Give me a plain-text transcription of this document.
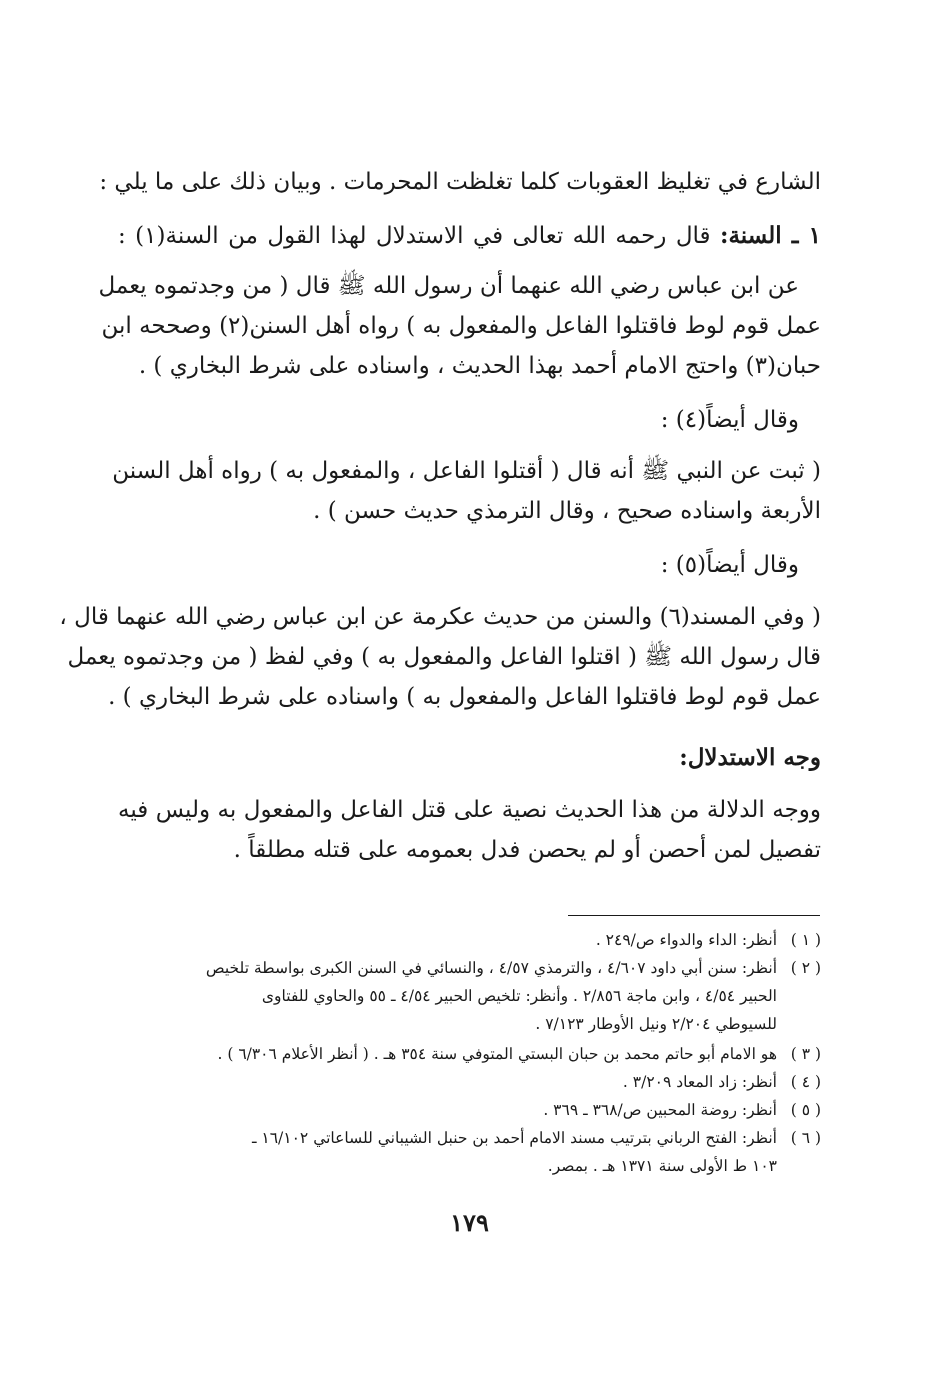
الشارع في تغليظ العقوبات كلما تغلظت المحرمات . وبيان ذلك على ما يلي :
١ ـ السنة: قال رحمه الله تعالى في الاستدلال لهذا القول من السنة(١) :
عن ابن عباس رضي الله عنهما أن رسول الله ﷺ قال ( من وجدتموه يعمل
عمل قوم لوط فاقتلوا الفاعل والمفعول به ) رواه أهل السنن(٢) وصححه ابن
حبان(٣) واحتج الامام أحمد بهذا الحديث ، واسناده على شرط البخاري ) .
وقال أيضاً(٤) :
( ثبت عن النبي ﷺ أنه قال ( أقتلوا الفاعل ، والمفعول به ) رواه أهل السنن
الأربعة واسناده صحيح ، وقال الترمذي حديث حسن ) .
وقال أيضاً(٥) :
( وفي المسند(٦) والسنن من حديث عكرمة عن ابن عباس رضي الله عنهما قال ،
قال رسول الله ﷺ ( اقتلوا الفاعل والمفعول به ) وفي لفظ ( من وجدتموه يعمل
عمل قوم لوط فاقتلوا الفاعل والمفعول به ) واسناده على شرط البخاري ) .
وجه الاستدلال:
ووجه الدلالة من هذا الحديث نصية على قتل الفاعل والمفعول به وليس فيه
تفصيل لمن أحصن أو لم يحصن فدل بعمومه على قتله مطلقاً .
( ١ )أنظر: الداء والدواء ص/٢٤٩ .
( ٢ )أنظر: سنن أبي داود ٤/٦٠٧ ، والترمذي ٤/٥٧ ، والنسائي في السنن الكبرى بواسطة تلخيص
الحبير ٤/٥٤ ، وابن ماجة ٢/٨٥٦ . وأنظر: تلخيص الحبير ٤/٥٤ ـ ٥٥ والحاوي للفتاوى
للسيوطي ٢/٢٠٤ ونيل الأوطار ٧/١٢٣ .
( ٣ )هو الامام أبو حاتم محمد بن حبان البستي المتوفي سنة ٣٥٤ هـ . ( أنظر الأعلام ٦/٣٠٦ ) .
( ٤ )أنظر: زاد المعاد ٣/٢٠٩ .
( ٥ )أنظر: روضة المحبين ص/٣٦٨ ـ ٣٦٩ .
( ٦ )أنظر: الفتح الرباني بترتيب مسند الامام أحمد بن حنبل الشيباني للساعاتي ١٦/١٠٢ ـ
١٠٣ ط الأولى سنة ١٣٧١ هـ . بمصر.
١٧٩
